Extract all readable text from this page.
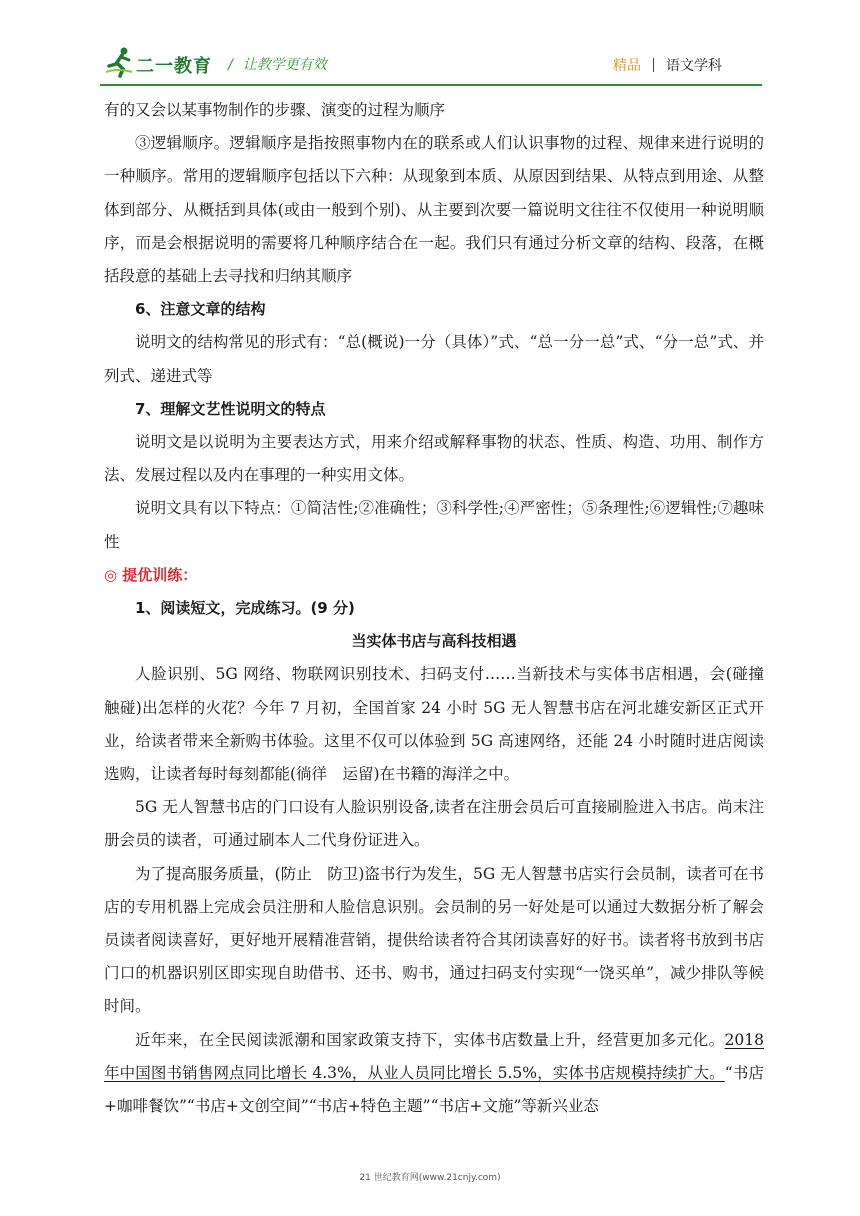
二一教育 / 让教学更有效	精品 语文学科

有的又会以某事物制作的步骤、演变的过程为顺序

③逻辑顺序。逻辑顺序是指按照事物内在的联系或人们认识事物的过程、规律来进行说明的一种顺序。常用的逻辑顺序包括以下六种：从现象到本质、从原因到结果、从特点到用途、从整体到部分、从概括到具体(或由一般到个别)、从主要到次要一篇说明文往往不仅使用一种说明顺序，而是会根据说明的需要将几种顺序结合在一起。我们只有通过分析文章的结构、段落，在概括段意的基础上去寻找和归纳其顺序

6、注意文章的结构

说明文的结构常见的形式有：“总(概说)一分（具体）”式、“总一分一总”式、“分一总”式、并列式、递进式等

7、理解文艺性说明文的特点

说明文是以说明为主要表达方式，用来介绍或解释事物的状态、性质、构造、功用、制作方法、发展过程以及内在事理的一种实用文体。

说明文具有以下特点：①简洁性;②准确性；③科学性;④严密性；⑤条理性;⑥逻辑性;⑦趣味性

◎ 提优训练：

1、阅读短文，完成练习。(9 分)

当实体书店与高科技相遇

人脸识别、5G 网络、物联网识别技术、扫码支付……当新技术与实体书店相遇，会(碰撞　触碰)出怎样的火花？今年 7 月初，全国首家 24 小时 5G 无人智慧书店在河北雄安新区正式开业，给读者带来全新购书体验。这里不仅可以体验到 5G 高速网络，还能 24 小时随时进店阅读选购，让读者每时每刻都能(徜徉　运留)在书籍的海洋之中。

5G 无人智慧书店的门口设有人脸识别设备,读者在注册会员后可直接刷脸进入书店。尚末注册会员的读者，可通过刷本人二代身份证进入。

为了提高服务质量，(防止　防卫)盗书行为发生，5G 无人智慧书店实行会员制，读者可在书店的专用机器上完成会员注册和人脸信息识别。会员制的另一好处是可以通过大数据分析了解会员读者阅读喜好，更好地开展精准营销，提供给读者符合其闭读喜好的好书。读者将书放到书店门口的机器识别区即实现自助借书、还书、购书，通过扫码支付实现“一饶买单”，减少排队等候时间。

近年来，在全民阅读派潮和国家政策支持下，实体书店数量上升，经营更加多元化。2018 年中国图书销售网点同比增长 4.3%，从业人员同比增长 5.5%，实体书店规模持续扩大。“书店+咖啡餐饮”“书店+文创空间”“书店+特色主题”“书店+文施”等新兴业态

21 世纪教育网(www.21cnjy.com)
